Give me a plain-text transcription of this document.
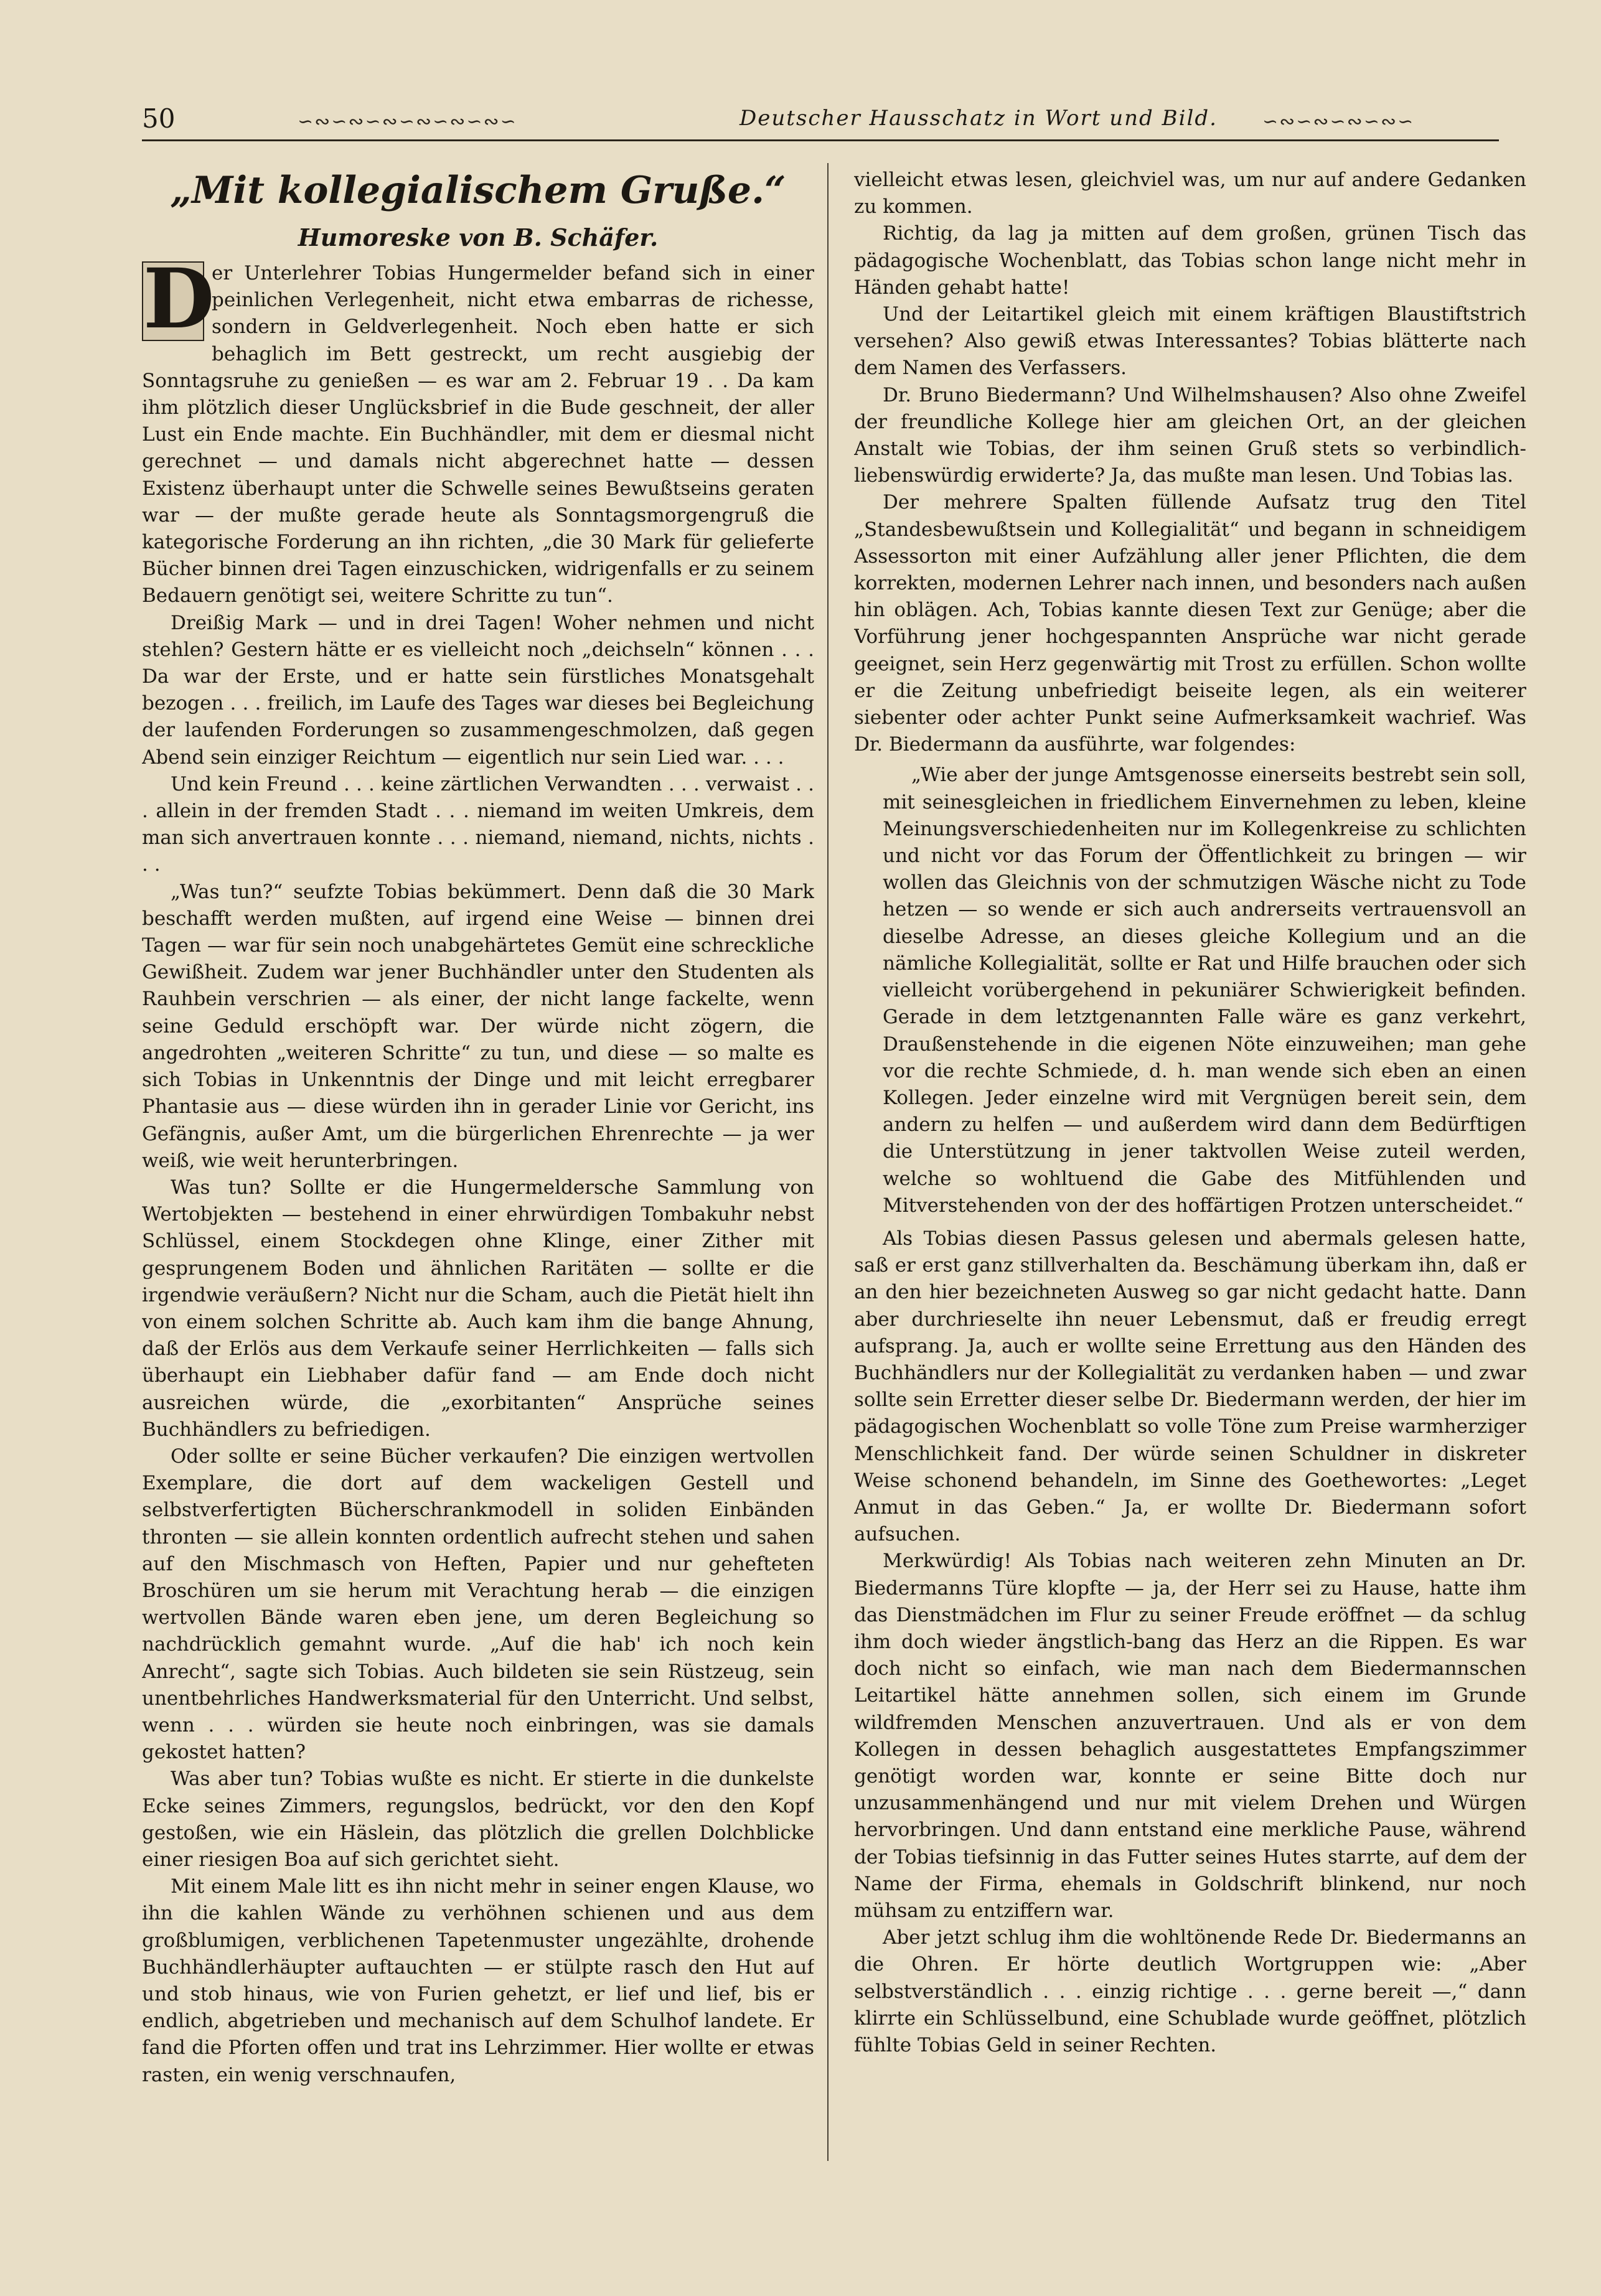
50	∽∾∽∾∽∾∽∾∽∾∽∾∽	Deutscher Hausschatz in Wort und Bild. ∽∾∽∾∽∾∽∾∽
„Mit kollegialischem Gruße.“
Humoreske von B. Schäfer.

D
er Unterlehrer Tobias Hungermelder befand sich in einer peinlichen Verlegenheit, nicht etwa embarras de richesse, sondern in Geldverlegenheit. Noch eben hatte er sich behaglich im Bett gestreckt, um recht ausgiebig der Sonntagsruhe zu genießen — es war am 2. Februar 19 . . Da kam ihm plötzlich dieser Unglücksbrief in die Bude geschneit, der aller Lust ein Ende machte. Ein Buchhändler, mit dem er diesmal nicht gerechnet — und damals nicht abgerechnet hatte — dessen Existenz überhaupt unter die Schwelle seines Bewußtseins geraten war — der mußte gerade heute als Sonntagsmorgengruß die kategorische Forderung an ihn richten, „die 30 Mark für gelieferte Bücher binnen drei Tagen einzuschicken, widrigenfalls er zu seinem Bedauern genötigt sei, weitere Schritte zu tun“.

Dreißig Mark — und in drei Tagen! Woher nehmen und nicht stehlen? Gestern hätte er es vielleicht noch „deichseln“ können . . . Da war der Erste, und er hatte sein fürstliches Monatsgehalt bezogen . . . freilich, im Laufe des Tages war dieses bei Begleichung der laufenden Forderungen so zusammengeschmolzen, daß gegen Abend sein einziger Reichtum — eigentlich nur sein Lied war. . . .

Und kein Freund . . . keine zärtlichen Verwandten . . . verwaist . . . allein in der fremden Stadt . . . niemand im weiten Umkreis, dem man sich anvertrauen konnte . . . niemand, niemand, nichts, nichts . . .

„Was tun?“ seufzte Tobias bekümmert. Denn daß die 30 Mark beschafft werden mußten, auf irgend eine Weise — binnen drei Tagen — war für sein noch unabgehärtetes Gemüt eine schreckliche Gewißheit. Zudem war jener Buchhändler unter den Studenten als Rauhbein verschrien — als einer, der nicht lange fackelte, wenn seine Geduld erschöpft war. Der würde nicht zögern, die angedrohten „weiteren Schritte“ zu tun, und diese — so malte es sich Tobias in Unkenntnis der Dinge und mit leicht erregbarer Phantasie aus — diese würden ihn in gerader Linie vor Gericht, ins Gefängnis, außer Amt, um die bürgerlichen Ehrenrechte — ja wer weiß, wie weit herunterbringen.

Was tun? Sollte er die Hungermeldersche Sammlung von Wertobjekten — bestehend in einer ehrwürdigen Tombakuhr nebst Schlüssel, einem Stockdegen ohne Klinge, einer Zither mit gesprungenem Boden und ähnlichen Raritäten — sollte er die irgendwie veräußern? Nicht nur die Scham, auch die Pietät hielt ihn von einem solchen Schritte ab. Auch kam ihm die bange Ahnung, daß der Erlös aus dem Verkaufe seiner Herrlichkeiten — falls sich überhaupt ein Liebhaber dafür fand — am Ende doch nicht ausreichen würde, die „exorbitanten“ Ansprüche seines Buchhändlers zu befriedigen.

Oder sollte er seine Bücher verkaufen? Die einzigen wertvollen Exemplare, die dort auf dem wackeligen Gestell und selbstverfertigten Bücherschrankmodell in soliden Einbänden thronten — sie allein konnten ordentlich aufrecht stehen und sahen auf den Mischmasch von Heften, Papier und nur gehefteten Broschüren um sie herum mit Verachtung herab — die einzigen wertvollen Bände waren eben jene, um deren Begleichung so nachdrücklich gemahnt wurde. „Auf die hab' ich noch kein Anrecht“, sagte sich Tobias. Auch bildeten sie sein Rüstzeug, sein unentbehrliches Handwerksmaterial für den Unterricht. Und selbst, wenn . . . würden sie heute noch einbringen, was sie damals gekostet hatten?

Was aber tun? Tobias wußte es nicht. Er stierte in die dunkelste Ecke seines Zimmers, regungslos, bedrückt, vor den den Kopf gestoßen, wie ein Häslein, das plötzlich die grellen Dolchblicke einer riesigen Boa auf sich gerichtet sieht.

Mit einem Male litt es ihn nicht mehr in seiner engen Klause, wo ihn die kahlen Wände zu verhöhnen schienen und aus dem großblumigen, verblichenen Tapetenmuster ungezählte, drohende Buchhändlerhäupter auftauchten — er stülpte rasch den Hut auf und stob hinaus, wie von Furien gehetzt, er lief und lief, bis er endlich, abgetrieben und mechanisch auf dem Schulhof landete. Er fand die Pforten offen und trat ins Lehrzimmer. Hier wollte er etwas rasten, ein wenig verschnaufen,

vielleicht etwas lesen, gleichviel was, um nur auf andere Gedanken zu kommen.

Richtig, da lag ja mitten auf dem großen, grünen Tisch das pädagogische Wochenblatt, das Tobias schon lange nicht mehr in Händen gehabt hatte!

Und der Leitartikel gleich mit einem kräftigen Blaustiftstrich versehen? Also gewiß etwas Interessantes? Tobias blätterte nach dem Namen des Verfassers.

Dr. Bruno Biedermann? Und Wilhelmshausen? Also ohne Zweifel der freundliche Kollege hier am gleichen Ort, an der gleichen Anstalt wie Tobias, der ihm seinen Gruß stets so verbindlich-liebenswürdig erwiderte? Ja, das mußte man lesen. Und Tobias las.

Der mehrere Spalten füllende Aufsatz trug den Titel „Standesbewußtsein und Kollegialität“ und begann in schneidigem Assessorton mit einer Aufzählung aller jener Pflichten, die dem korrekten, modernen Lehrer nach innen, und besonders nach außen hin oblägen. Ach, Tobias kannte diesen Text zur Genüge; aber die Vorführung jener hochgespannten Ansprüche war nicht gerade geeignet, sein Herz gegenwärtig mit Trost zu erfüllen. Schon wollte er die Zeitung unbefriedigt beiseite legen, als ein weiterer siebenter oder achter Punkt seine Aufmerksamkeit wachrief. Was Dr. Biedermann da ausführte, war folgendes:

„Wie aber der junge Amtsgenosse einerseits bestrebt sein soll, mit seinesgleichen in friedlichem Einvernehmen zu leben, kleine Meinungsverschiedenheiten nur im Kollegenkreise zu schlichten und nicht vor das Forum der Öffentlichkeit zu bringen — wir wollen das Gleichnis von der schmutzigen Wäsche nicht zu Tode hetzen — so wende er sich auch andrerseits vertrauensvoll an dieselbe Adresse, an dieses gleiche Kollegium und an die nämliche Kollegialität, sollte er Rat und Hilfe brauchen oder sich vielleicht vorübergehend in pekuniärer Schwierigkeit befinden. Gerade in dem letztgenannten Falle wäre es ganz verkehrt, Draußenstehende in die eigenen Nöte einzuweihen; man gehe vor die rechte Schmiede, d. h. man wende sich eben an einen Kollegen. Jeder einzelne wird mit Vergnügen bereit sein, dem andern zu helfen — und außerdem wird dann dem Bedürftigen die Unterstützung in jener taktvollen Weise zuteil werden, welche so wohltuend die Gabe des Mitfühlenden und Mitverstehenden von der des hoffärtigen Protzen unterscheidet.“

Als Tobias diesen Passus gelesen und abermals gelesen hatte, saß er erst ganz stillverhalten da. Beschämung überkam ihn, daß er an den hier bezeichneten Ausweg so gar nicht gedacht hatte. Dann aber durchrieselte ihn neuer Lebensmut, daß er freudig erregt aufsprang. Ja, auch er wollte seine Errettung aus den Händen des Buchhändlers nur der Kollegialität zu verdanken haben — und zwar sollte sein Erretter dieser selbe Dr. Biedermann werden, der hier im pädagogischen Wochenblatt so volle Töne zum Preise warmherziger Menschlichkeit fand. Der würde seinen Schuldner in diskreter Weise schonend behandeln, im Sinne des Goethewortes: „Leget Anmut in das Geben.“ Ja, er wollte Dr. Biedermann sofort aufsuchen.

Merkwürdig! Als Tobias nach weiteren zehn Minuten an Dr. Biedermanns Türe klopfte — ja, der Herr sei zu Hause, hatte ihm das Dienstmädchen im Flur zu seiner Freude eröffnet — da schlug ihm doch wieder ängstlich-bang das Herz an die Rippen. Es war doch nicht so einfach, wie man nach dem Biedermannschen Leitartikel hätte annehmen sollen, sich einem im Grunde wildfremden Menschen anzuvertrauen. Und als er von dem Kollegen in dessen behaglich ausgestattetes Empfangszimmer genötigt worden war, konnte er seine Bitte doch nur unzusammenhängend und nur mit vielem Drehen und Würgen hervorbringen. Und dann entstand eine merkliche Pause, während der Tobias tiefsinnig in das Futter seines Hutes starrte, auf dem der Name der Firma, ehemals in Goldschrift blinkend, nur noch mühsam zu entziffern war.

Aber jetzt schlug ihm die wohltönende Rede Dr. Biedermanns an die Ohren. Er hörte deutlich Wortgruppen wie: „Aber selbstverständlich . . . einzig richtige . . . gerne bereit —,“ dann klirrte ein Schlüsselbund, eine Schublade wurde geöffnet, plötzlich fühlte Tobias Geld in seiner Rechten.
